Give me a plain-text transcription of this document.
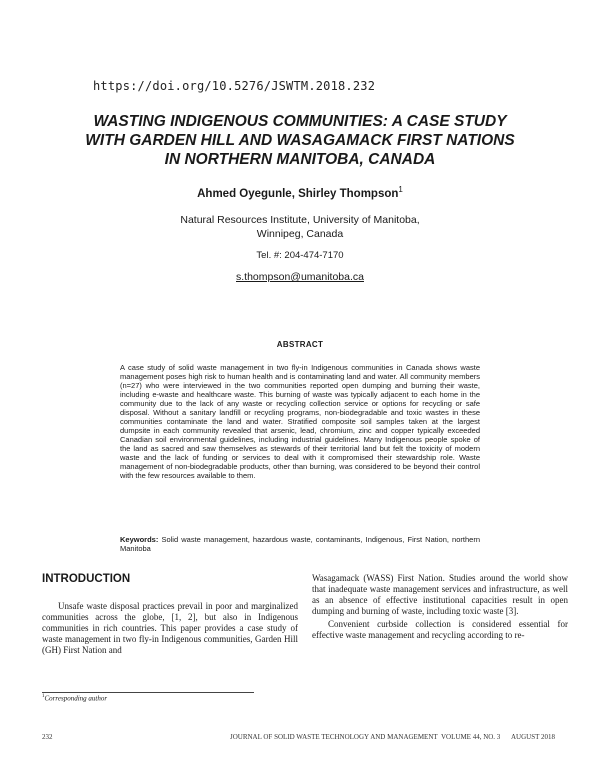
https://doi.org/10.5276/JSWTM.2018.232
WASTING INDIGENOUS COMMUNITIES: A CASE STUDY
WITH GARDEN HILL AND WASAGAMACK FIRST NATIONS
IN NORTHERN MANITOBA, CANADA
Ahmed Oyegunle, Shirley Thompson$^1$
Natural Resources Institute, University of Manitoba,
Winnipeg, Canada
Tel. #: 204-474-7170
s.thompson@umanitoba.ca
ABSTRACT
A case study of solid waste management in two fly-in Indigenous communities in Canada shows waste management poses high risk to human health and is contaminating land and water. All community members (n=27) who were interviewed in the two communities reported open dumping and burning their waste, including e-waste and healthcare waste. This burning of waste was typically adjacent to each home in the community due to the lack of any waste or recycling collection service or options for recycling or safe disposal. Without a sanitary landfill or recycling programs, non-biodegradable and toxic wastes in these communities contaminate the land and water. Stratified composite soil samples taken at the largest dumpsite in each community revealed that arsenic, lead, chromium, zinc and copper typically exceeded Canadian soil environmental guidelines, including industrial guidelines. Many Indigenous people spoke of the land as sacred and saw themselves as stewards of their territorial land but felt the toxicity of modern waste and the lack of funding or services to deal with it compromised their stewardship role. Waste management of non-biodegradable products, other than burning, was considered to be beyond their control with the few resources available to them.
Keywords: Solid waste management, hazardous waste, contaminants, Indigenous, First Nation, northern Manitoba
INTRODUCTION

Unsafe waste disposal practices prevail in poor and marginalized communities across the globe, [1, 2], but also in Indigenous communities in rich countries. This paper provides a case study of waste management in two fly-in Indigenous communities, Garden Hill (GH) First Nation and

Wasagamack (WASS) First Nation. Studies around the world show that inadequate waste management services and infrastructure, as well as an absence of effective institutional capacities result in open dumping and burning of waste, including toxic waste [3].

Convenient curbside collection is considered essential for effective waste management and recycling according to re-

$^1$Corresponding author
232	JOURNAL OF SOLID WASTE TECHNOLOGY AND MANAGEMENT VOLUME 44, NO. 3 AUGUST 2018
